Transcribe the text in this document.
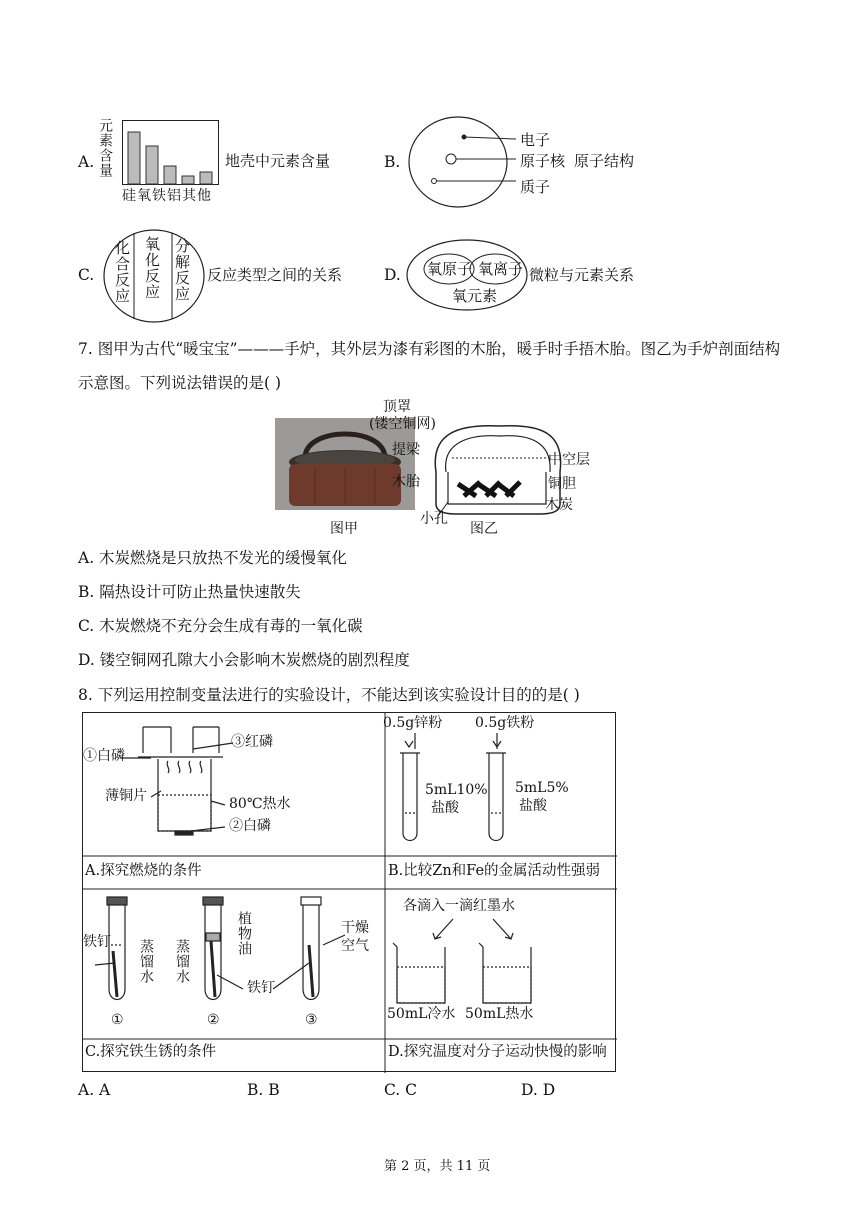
A. 元素含量
硅氧铁铝其他
地壳中元素含量	B.
电子
原子核
质子
原子结构
C. 化合反应 氧化反应 分解反应 反应类型之间的关系	D. 氧原子 氧离子
氧元素
微粒与元素关系
7. 图甲为古代“暖宝宝”———手炉，其外层为漆有彩图的木胎，暖手时手捂木胎。图乙为手炉剖面结构
示意图。下列说法错误的是( )
图甲
顶罩
(镂空铜网)
提梁
中空层
木胎	铜胆
木炭
小孔
图乙
A. 木炭燃烧是只放热不发光的缓慢氧化
B. 隔热设计可防止热量快速散失
C. 木炭燃烧不充分会生成有毒的一氧化碳
D. 镂空铜网孔隙大小会影响木炭燃烧的剧烈程度
8. 下列运用控制变量法进行的实验设计，不能达到该实验设计目的的是( )
①白磷
③红磷
薄铜片	80℃热水
②白磷
A.探究燃烧的条件
0.5g锌粉 0.5g铁粉
5mL10%
盐酸
5mL5%
盐酸
B.比较Zn和Fe的金属活动性强弱
铁钉 蒸馏水 蒸馏水
植物油
铁钉
干燥空气
①	②	③
C.探究铁生锈的条件
各滴入一滴红墨水
50mL冷水 50mL热水
D.探究温度对分子运动快慢的影响
A. A	B. B	C. C	D. D
第 2 页，共 11 页
